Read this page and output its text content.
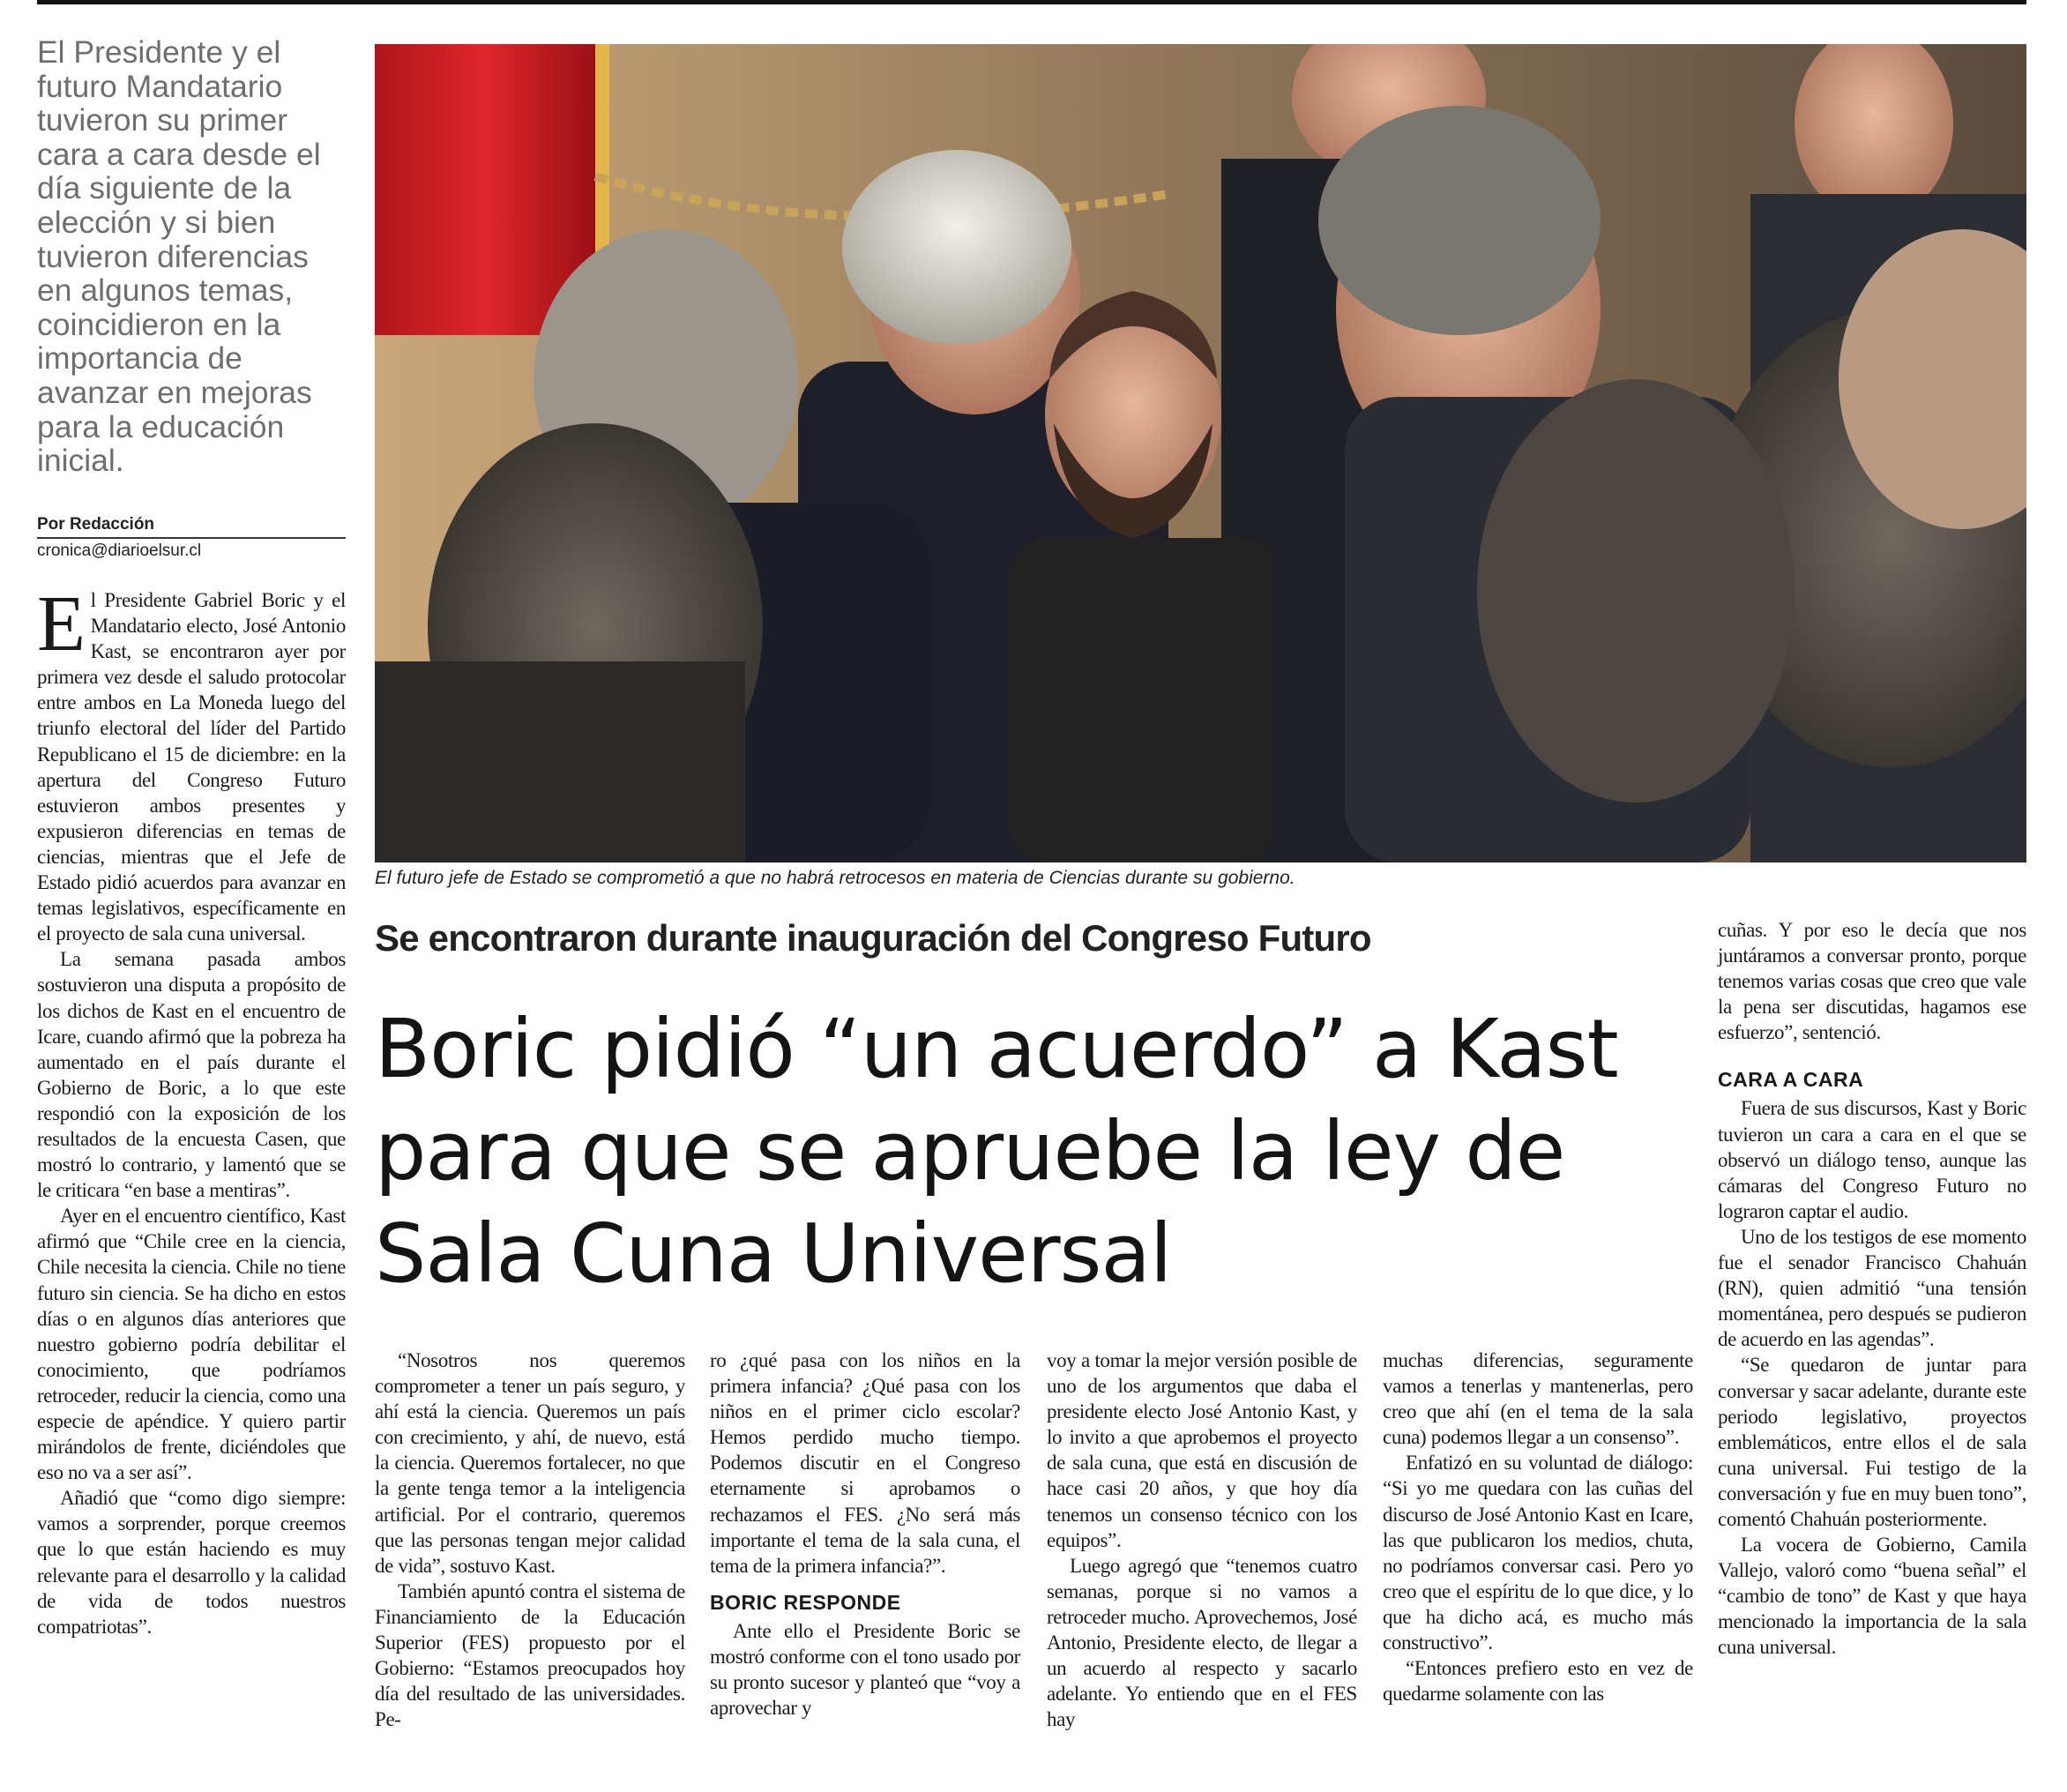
El Presidente y el futuro Mandatario tuvieron su primer cara a cara desde el día siguiente de la elección y si bien tuvieron diferencias en algunos temas, coincidieron en la importancia de avanzar en mejoras para la educación inicial.
Por Redacción
cronica@diarioelsur.cl

El Presidente Gabriel Boric y el Mandatario electo, José Antonio Kast, se encontraron ayer por primera vez desde el saludo protocolar entre ambos en La Moneda luego del triunfo electoral del líder del Partido Republicano el 15 de diciembre: en la apertura del Congreso Futuro estuvieron ambos presentes y expusieron diferencias en temas de ciencias, mientras que el Jefe de Estado pidió acuerdos para avanzar en temas legislativos, específicamente en el proyecto de sala cuna universal.

La semana pasada ambos sostuvieron una disputa a propósito de los dichos de Kast en el encuentro de Icare, cuando afirmó que la pobreza ha aumentado en el país durante el Gobierno de Boric, a lo que este respondió con la exposición de los resultados de la encuesta Casen, que mostró lo contrario, y lamentó que se le criticara “en base a mentiras”.

Ayer en el encuentro científico, Kast afirmó que “Chile cree en la ciencia, Chile necesita la ciencia. Chile no tiene futuro sin ciencia. Se ha dicho en estos días o en algunos días anteriores que nuestro gobierno podría debilitar el conocimiento, que podríamos retroceder, reducir la ciencia, como una especie de apéndice. Y quiero partir mirándolos de frente, diciéndoles que eso no va a ser así”.

Añadió que “como digo siempre: vamos a sorprender, porque creemos que lo que están haciendo es muy relevante para el desarrollo y la calidad de vida de todos nuestros compatriotas”.

El futuro jefe de Estado se comprometió a que no habrá retrocesos en materia de Ciencias durante su gobierno.
Se encontraron durante inauguración del Congreso Futuro
Boric pidió “un acuerdo” a Kast para que se apruebe la ley de Sala Cuna Universal

“Nosotros nos queremos comprometer a tener un país seguro, y ahí está la ciencia. Queremos un país con crecimiento, y ahí, de nuevo, está la ciencia. Queremos fortalecer, no que la gente tenga temor a la inteligencia artificial. Por el contrario, queremos que las personas tengan mejor calidad de vida”, sostuvo Kast.

También apuntó contra el sistema de Financiamiento de la Educación Superior (FES) propuesto por el Gobierno: “Estamos preocupados hoy día del resultado de las universidades. Pe-

ro ¿qué pasa con los niños en la primera infancia? ¿Qué pasa con los niños en el primer ciclo escolar? Hemos perdido mucho tiempo. Podemos discutir en el Congreso eternamente si aprobamos o rechazamos el FES. ¿No será más importante el tema de la sala cuna, el tema de la primera infancia?”.

BORIC RESPONDE

Ante ello el Presidente Boric se mostró conforme con el tono usado por su pronto sucesor y planteó que “voy a aprovechar y

voy a tomar la mejor versión posible de uno de los argumentos que daba el presidente electo José Antonio Kast, y lo invito a que aprobemos el proyecto de sala cuna, que está en discusión de hace casi 20 años, y que hoy día tenemos un consenso técnico con los equipos”.

Luego agregó que “tenemos cuatro semanas, porque si no vamos a retroceder mucho. Aprovechemos, José Antonio, Presidente electo, de llegar a un acuerdo al respecto y sacarlo adelante. Yo entiendo que en el FES hay

muchas diferencias, seguramente vamos a tenerlas y mantenerlas, pero creo que ahí (en el tema de la sala cuna) podemos llegar a un consenso”.

Enfatizó en su voluntad de diálogo: “Si yo me quedara con las cuñas del discurso de José Antonio Kast en Icare, las que publicaron los medios, chuta, no podríamos conversar casi. Pero yo creo que el espíritu de lo que dice, y lo que ha dicho acá, es mucho más constructivo”.

“Entonces prefiero esto en vez de quedarme solamente con las

cuñas. Y por eso le decía que nos juntáramos a conversar pronto, porque tenemos varias cosas que creo que vale la pena ser discutidas, hagamos ese esfuerzo”, sentenció.

CARA A CARA

Fuera de sus discursos, Kast y Boric tuvieron un cara a cara en el que se observó un diálogo tenso, aunque las cámaras del Congreso Futuro no lograron captar el audio.

Uno de los testigos de ese momento fue el senador Francisco Chahuán (RN), quien admitió “una tensión momentánea, pero después se pudieron de acuerdo en las agendas”.

“Se quedaron de juntar para conversar y sacar adelante, durante este periodo legislativo, proyectos emblemáticos, entre ellos el de sala cuna universal. Fui testigo de la conversación y fue en muy buen tono”, comentó Chahuán posteriormente.

La vocera de Gobierno, Camila Vallejo, valoró como “buena señal” el “cambio de tono” de Kast y que haya mencionado la importancia de la sala cuna universal.
